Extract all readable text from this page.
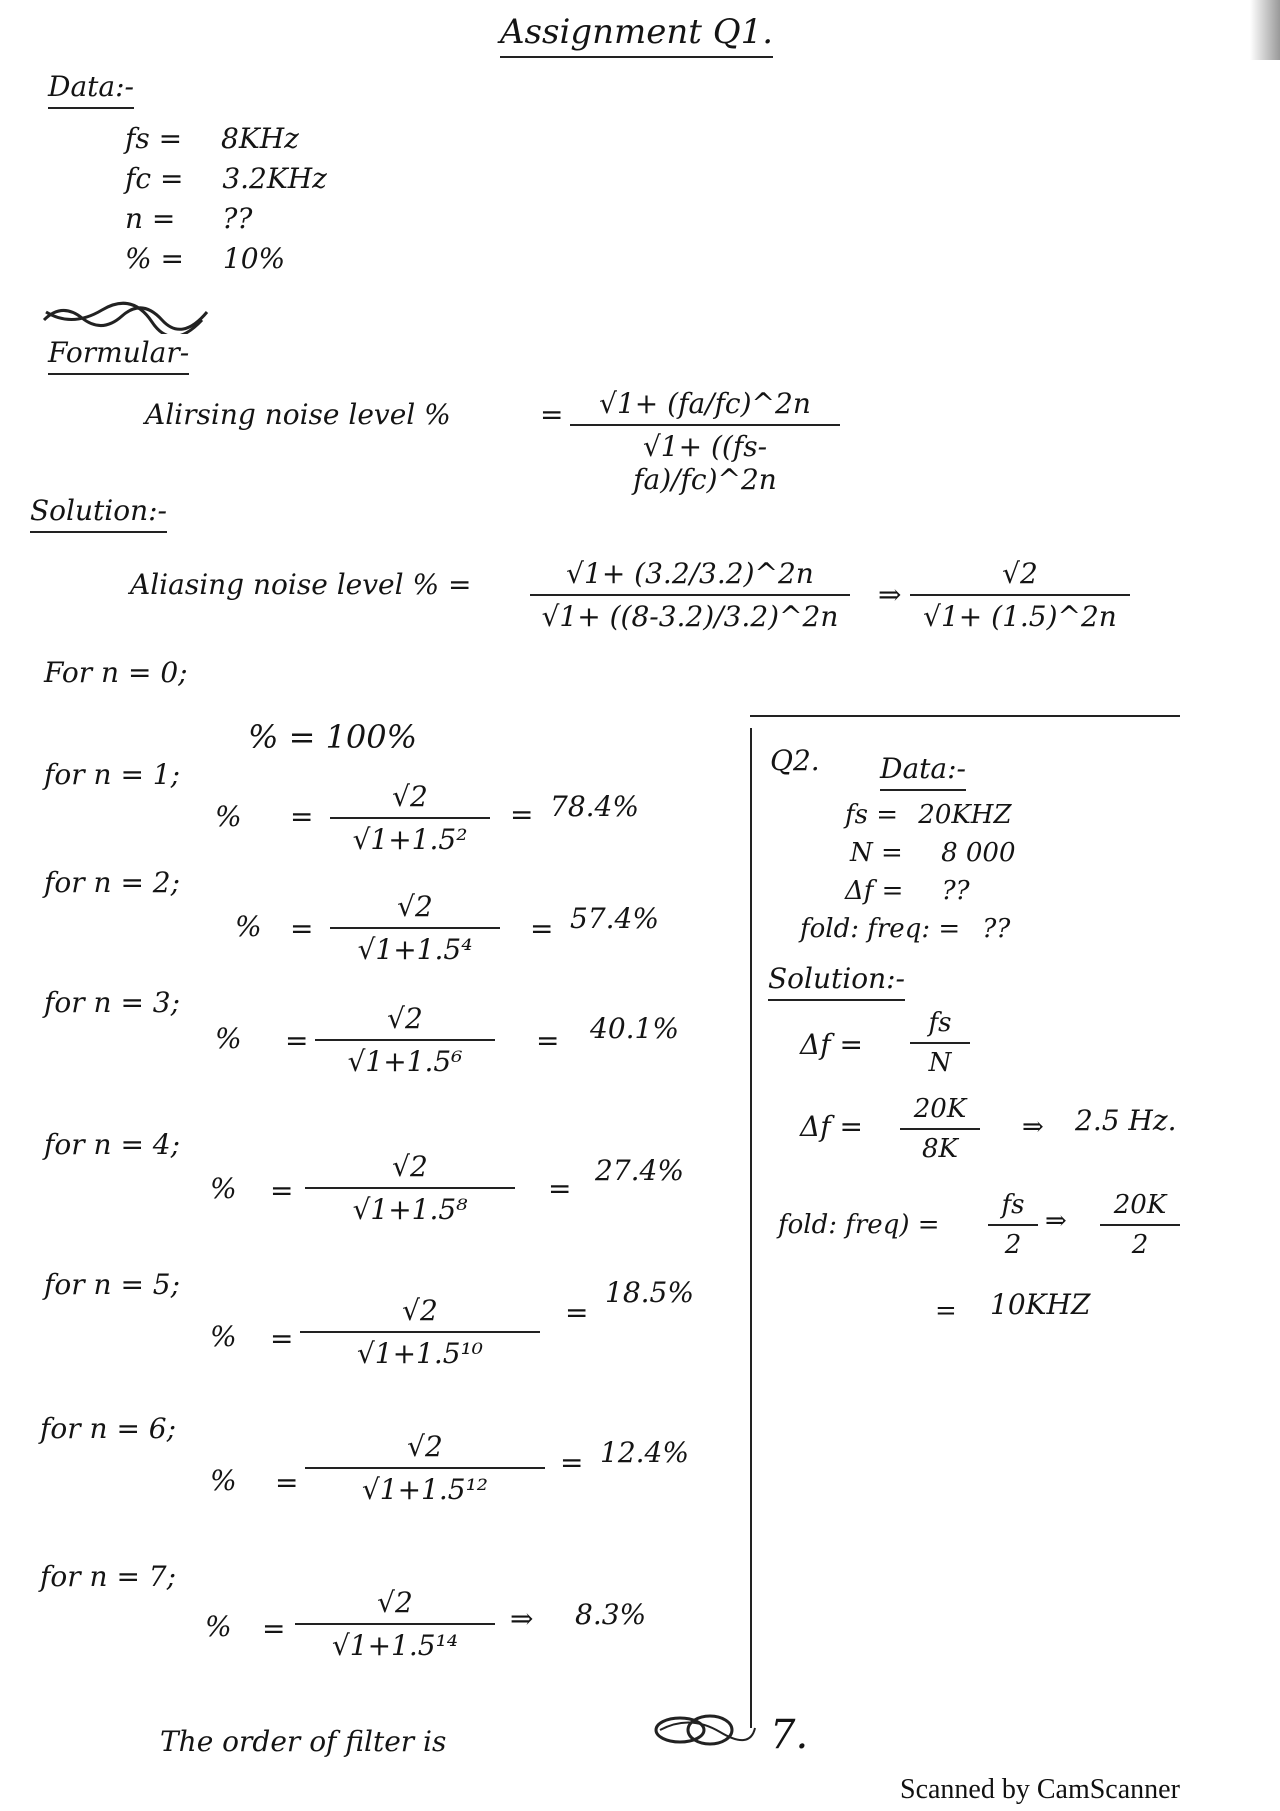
Assignment Q1.
Data:-
fs = 8KHz
fc = 3.2KHz
n = ??
% = 10%
Formular-
Alirsing noise level %	=	√1+ (fa/fc)^2n
√1+ ((fs-fa)/fc)^2n
Solution:-
Aliasing noise level % =	√1+ (3.2/3.2)^2n
√1+ ((8-3.2)/3.2)^2n
⇒
√2
√1+ (1.5)^2n
For n = 0;
% = 100%
for n = 1;
% =
√2
√1+1.5²
= 78.4%
for n = 2;
% =
√2
√1+1.5⁴
= 57.4%
for n = 3;
% =
√2
√1+1.5⁶
= 40.1%
for n = 4;
% =
√2
√1+1.5⁸
=
27.4%
for n = 5;
% =
√2
√1+1.5¹⁰
=
18.5%
for n = 6;
% =
√2
√1+1.5¹²
= 12.4%
for n = 7;
% =
√2
√1+1.5¹⁴
⇒ 8.3%
The order of filter is	7.
Q2. Data:-
fs = 20KHZ
N = 8 000
Δf = ??
fold: freq: = ??
Solution:-
Δf =
fs
N
Δf =
20K
8K
⇒ 2.5 Hz.
fold: freq) =
fs
2
⇒
20K
2
= 10KHZ
Scanned by CamScanner
